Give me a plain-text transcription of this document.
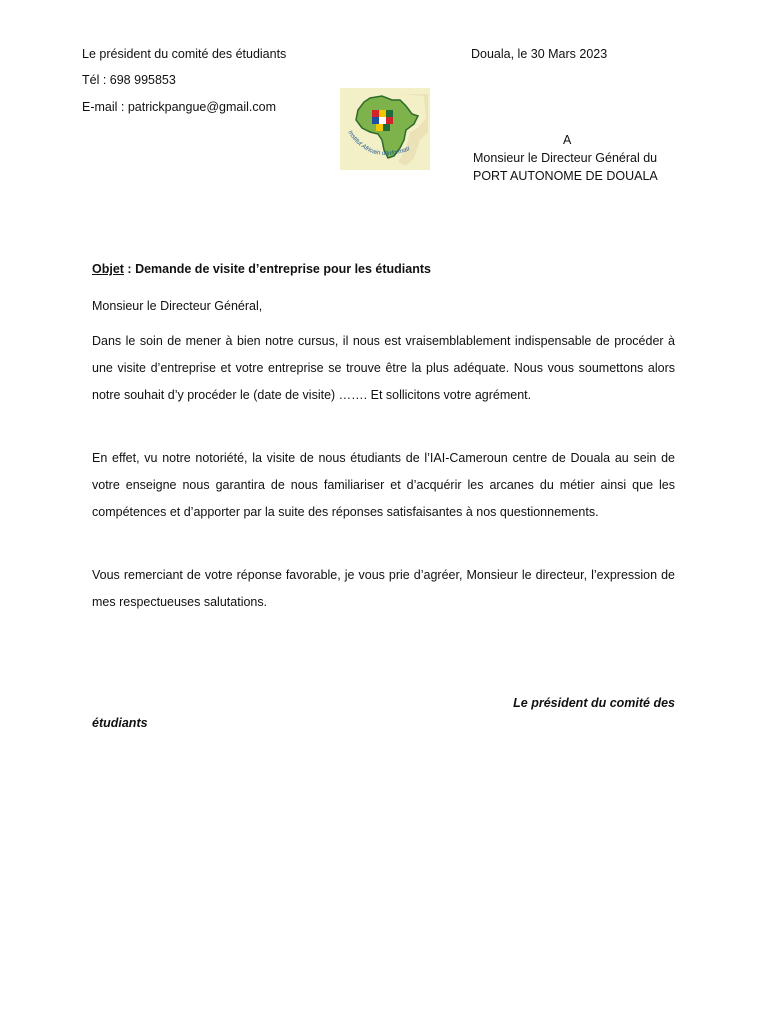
Le président du comité des étudiants
Tél : 698 995853
E-mail : patrickpangue@gmail.com
Douala, le 30 Mars 2023
Institut Africain d'Informati
A
Monsieur le Directeur Général du
PORT AUTONOME DE DOUALA
Objet : Demande de visite d’entreprise pour les étudiants
Monsieur le Directeur Général,

Dans le soin de mener à bien notre cursus, il nous est vraisemblablement indispensable de procéder à une visite d’entreprise et votre entreprise se trouve être la plus adéquate. Nous vous soumettons alors notre souhait d’y procéder le (date de visite) ……. Et sollicitons votre agrément.

En effet, vu notre notoriété, la visite de nous étudiants de l’IAI-Cameroun centre de Douala au sein de votre enseigne nous garantira de nous familiariser et d’acquérir les arcanes du métier ainsi que les compétences et d’apporter par la suite des réponses satisfaisantes à nos questionnements.

Vous remerciant de votre réponse favorable, je vous prie d’agréer, Monsieur le directeur, l’expression de mes respectueuses salutations.

Le président du comité des
étudiants
